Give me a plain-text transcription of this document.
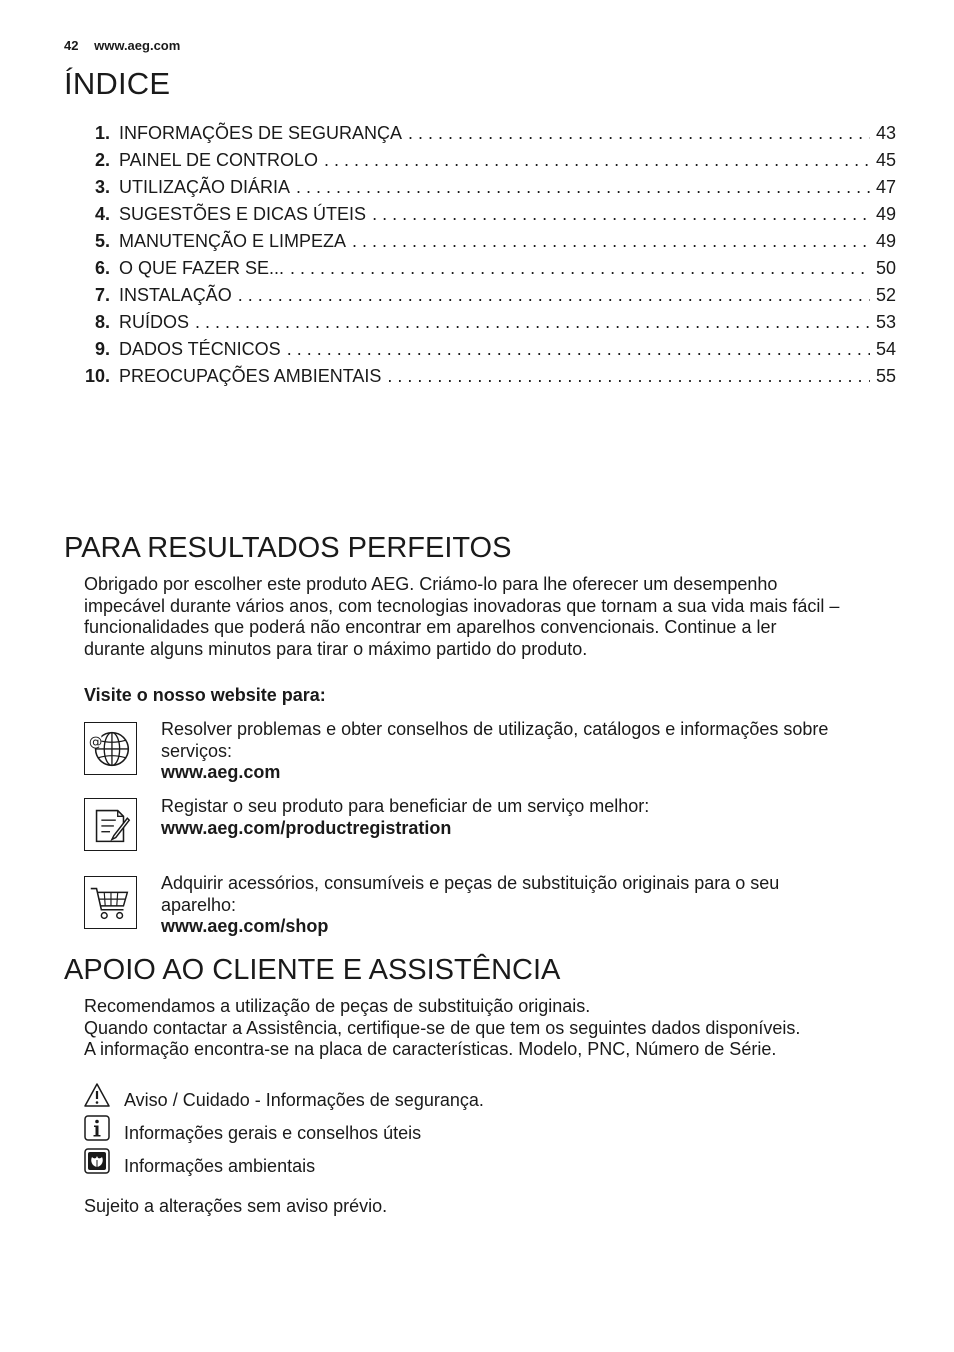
42 www.aeg.com
ÍNDICE
1. INFORMAÇÕES DE SEGURANÇA . . .	43
2. PAINEL DE CONTROLO . . .	45
3. UTILIZAÇÃO DIÁRIA . . .	47
4. SUGESTÕES E DICAS ÚTEIS . . .	49
5. MANUTENÇÃO E LIMPEZA . . .	49
6. O QUE FAZER SE... . . .	50
7. INSTALAÇÃO . . .	52
8. RUÍDOS . . .	53
9. DADOS TÉCNICOS . . .	54
10. PREOCUPAÇÕES AMBIENTAIS . . .	55
PARA RESULTADOS PERFEITOS
Obrigado por escolher este produto AEG. Criámo-lo para lhe oferecer um desempenho
impecável durante vários anos, com tecnologias inovadoras que tornam a sua vida mais fácil –
funcionalidades que poderá não encontrar em aparelhos convencionais. Continue a ler
durante alguns minutos para tirar o máximo partido do produto.
Visite o nosso website para:
@
Resolver problemas e obter conselhos de utilização, catálogos e informações sobre
serviços:
www.aeg.com
Registar o seu produto para beneficiar de um serviço melhor:
www.aeg.com/productregistration
Adquirir acessórios, consumíveis e peças de substituição originais para o seu
aparelho:
www.aeg.com/shop
APOIO AO CLIENTE E ASSISTÊNCIA
Recomendamos a utilização de peças de substituição originais.
Quando contactar a Assistência, certifique-se de que tem os seguintes dados disponíveis.
A informação encontra-se na placa de características. Modelo, PNC, Número de Série.
Aviso / Cuidado - Informações de segurança.
Informações gerais e conselhos úteis
Informações ambientais
Sujeito a alterações sem aviso prévio.
